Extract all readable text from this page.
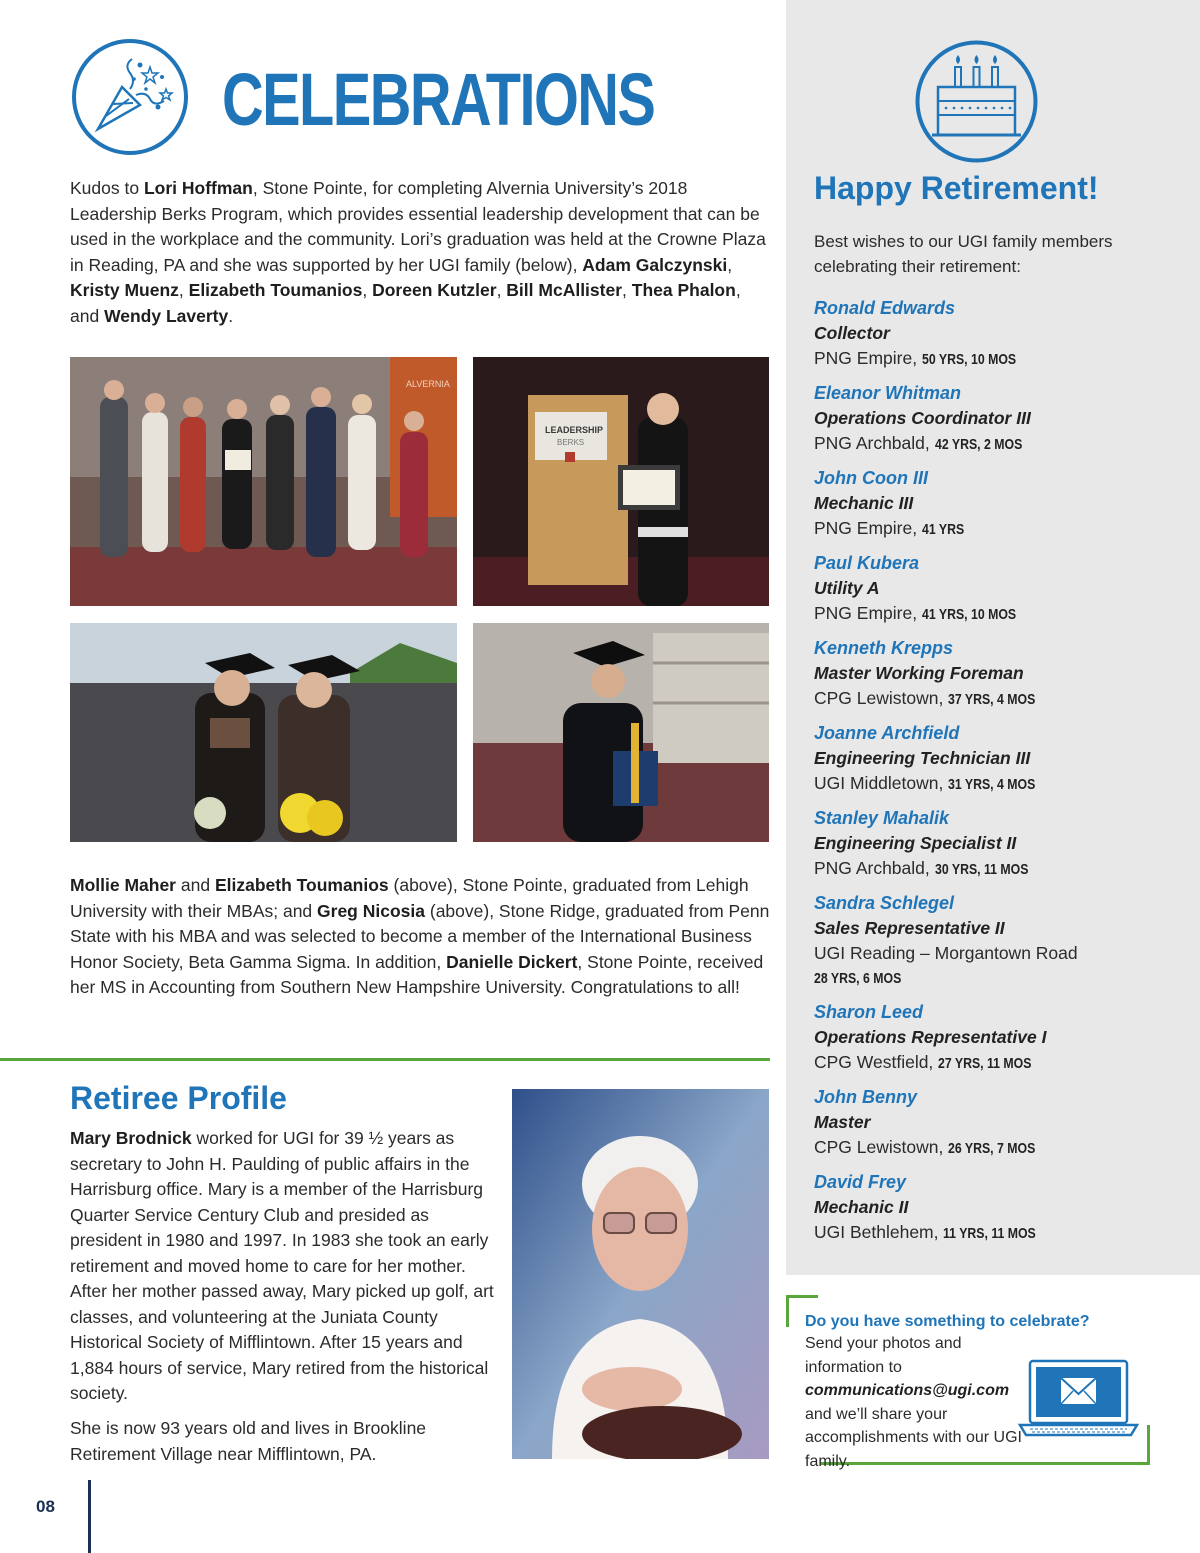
CELEBRATIONS

Kudos to Lori Hoffman, Stone Pointe, for completing Alvernia University’s 2018 Leadership Berks Program, which provides essential leadership development that can be used in the workplace and the community. Lori’s graduation was held at the Crowne Plaza in Reading, PA and she was supported by her UGI family (below), Adam Galczynski, Kristy Muenz, Elizabeth Toumanios, Doreen Kutzler, Bill McAllister, Thea Phalon, and Wendy Laverty.

ALVERNIA
LEADERSHIP
BERKS

Mollie Maher and Elizabeth Toumanios (above), Stone Pointe, graduated from Lehigh University with their MBAs; and Greg Nicosia (above), Stone Ridge, graduated from Penn State with his MBA and was selected to become a member of the International Business Honor Society, Beta Gamma Sigma. In addition, Danielle Dickert, Stone Pointe, received her MS in Accounting from Southern New Hampshire University. Congratulations to all!

Retiree Profile

Mary Brodnick worked for UGI for 39 ½ years as secretary to John H. Paulding of public affairs in the Harrisburg office. Mary is a member of the Harrisburg Quarter Service Century Club and presided as president in 1980 and 1997. In 1983 she took an early retirement and moved home to care for her mother. After her mother passed away, Mary picked up golf, art classes, and volunteering at the Juniata County Historical Society of Mifflintown. After 15 years and 1,884 hours of service, Mary retired from the historical society.

She is now 93 years old and lives in Brookline Retirement Village near Mifflintown, PA.

08
Happy Retirement!

Best wishes to our UGI family members celebrating their retirement:

Ronald Edwards
Collector
PNG Empire, 50 YRS, 10 MOS
Eleanor Whitman
Operations Coordinator III
PNG Archbald, 42 YRS, 2 MOS
John Coon III
Mechanic III
PNG Empire, 41 YRS
Paul Kubera
Utility A
PNG Empire, 41 YRS, 10 MOS
Kenneth Krepps
Master Working Foreman
CPG Lewistown, 37 YRS, 4 MOS
Joanne Archfield
Engineering Technician III
UGI Middletown, 31 YRS, 4 MOS
Stanley Mahalik
Engineering Specialist II
PNG Archbald, 30 YRS, 11 MOS
Sandra Schlegel
Sales Representative II
UGI Reading – Morgantown Road
28 YRS, 6 MOS
Sharon Leed
Operations Representative I
CPG Westfield, 27 YRS, 11 MOS
John Benny
Master
CPG Lewistown, 26 YRS, 7 MOS
David Frey
Mechanic II
UGI Bethlehem, 11 YRS, 11 MOS
Do you have something to celebrate?
Send your photos and information to
communications@ugi.com
and we’ll share your accomplishments with our UGI family.
